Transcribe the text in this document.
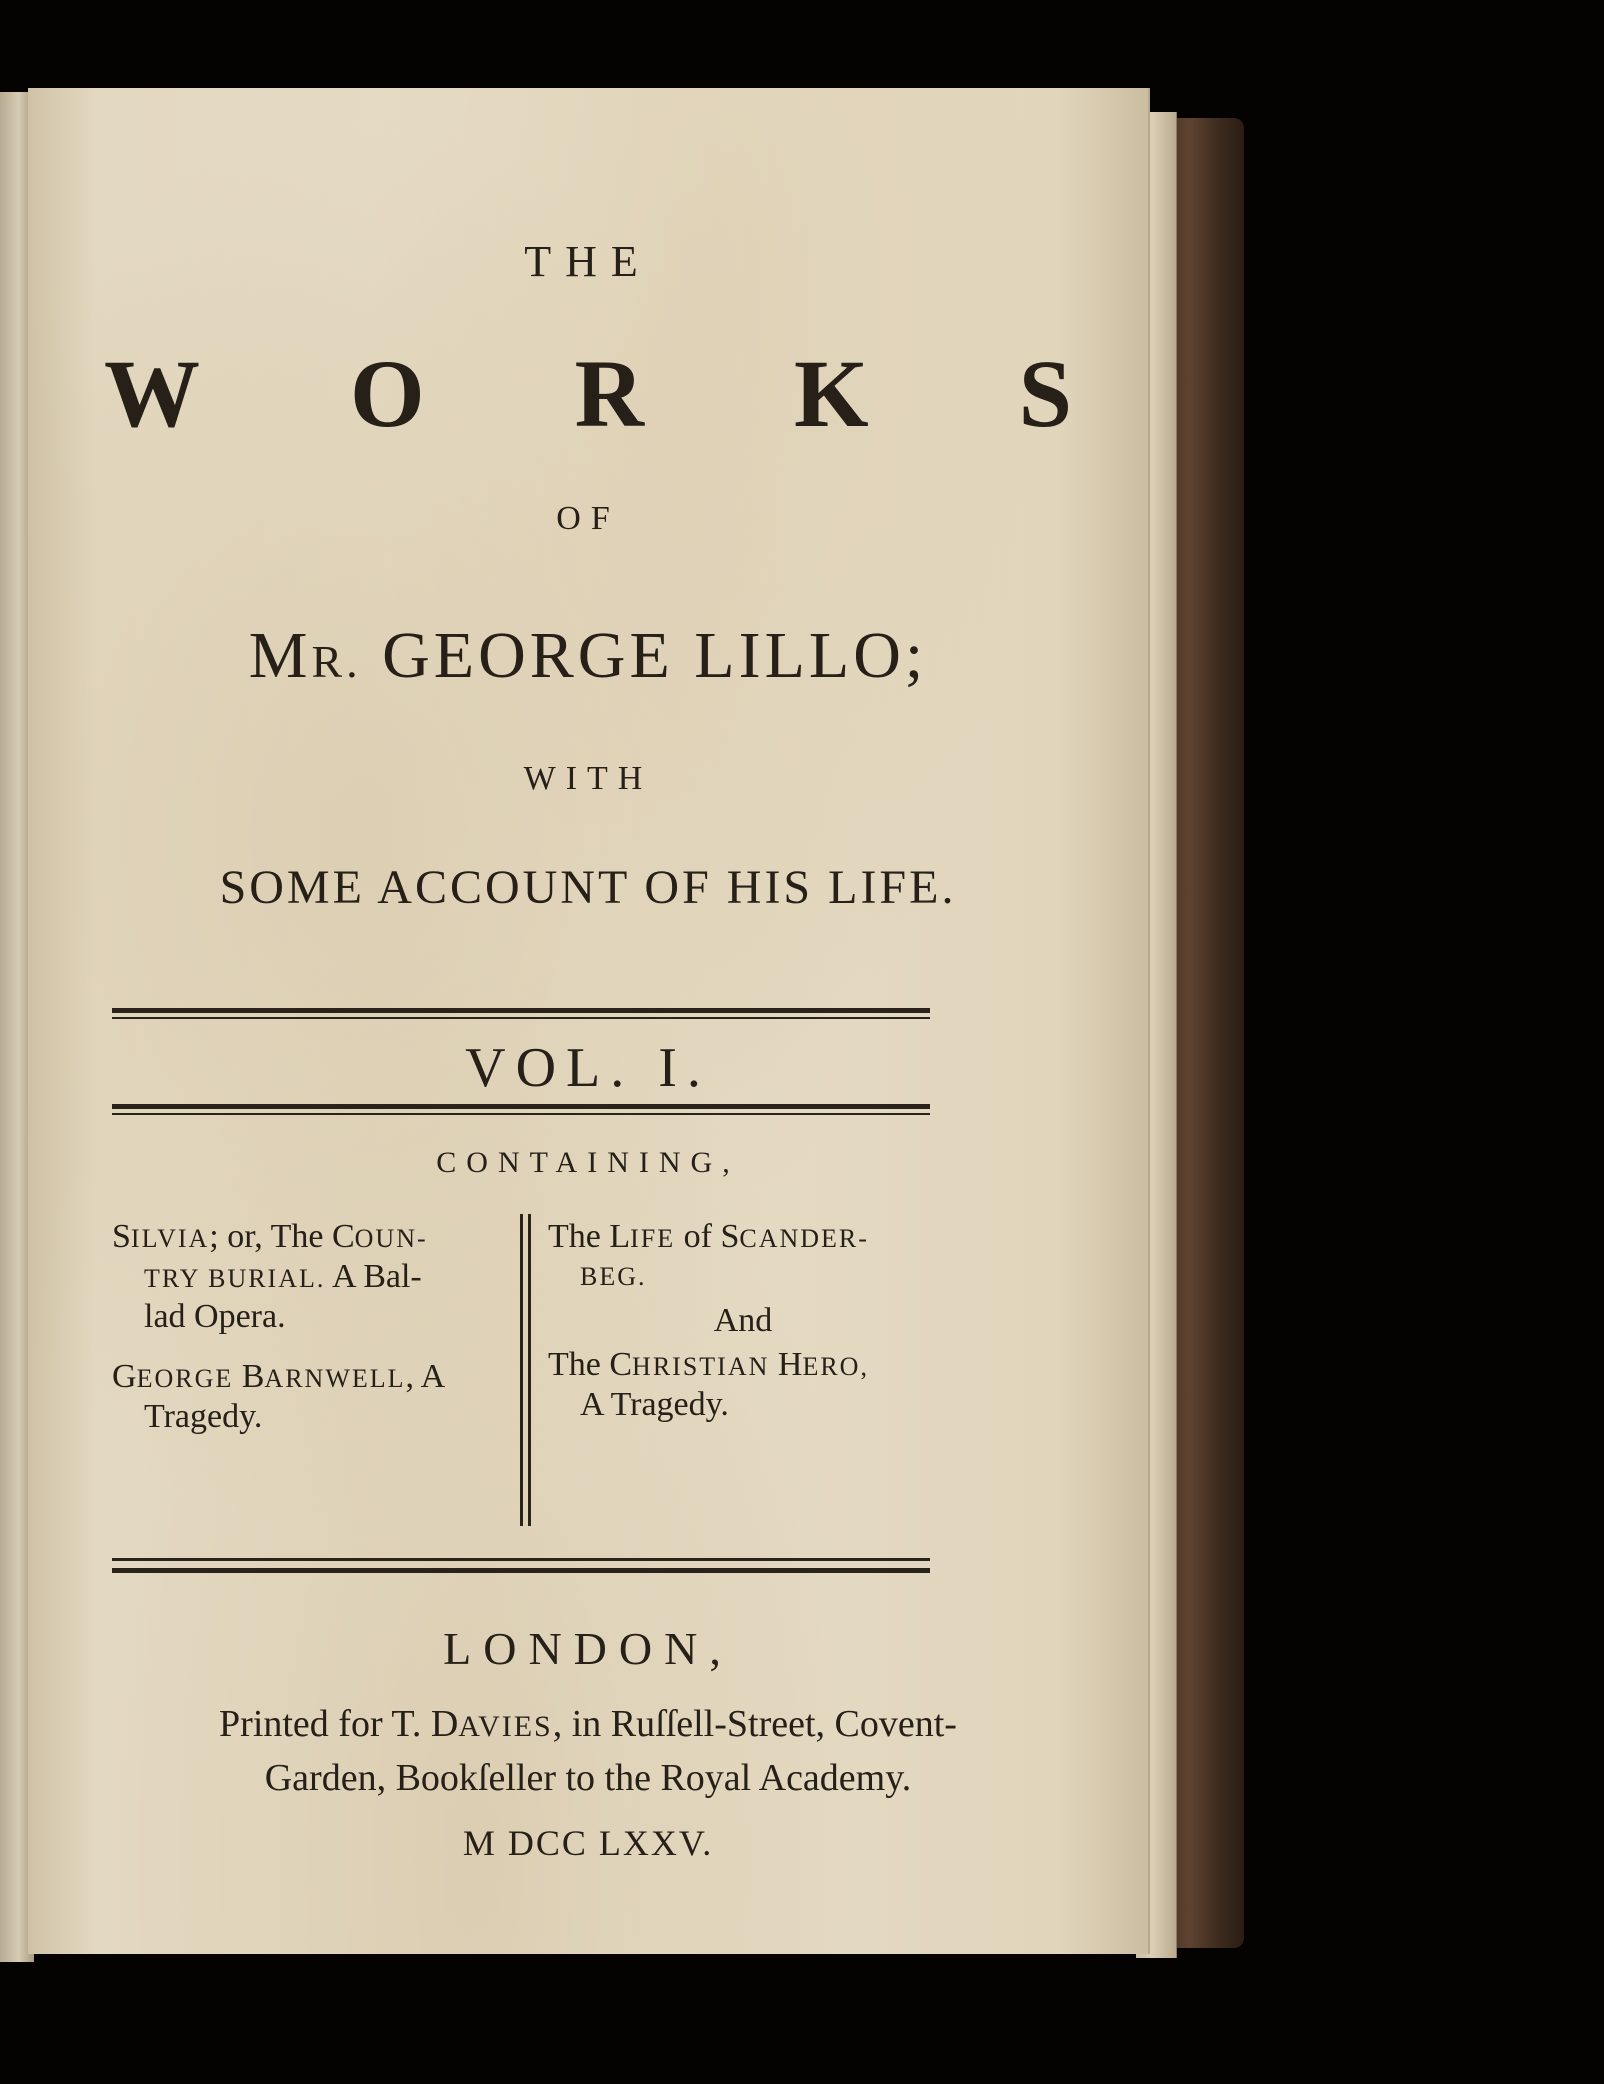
THE
W O R K S
OF
MR. GEORGE LILLO;
WITH
SOME ACCOUNT OF HIS LIFE.
VOL. I.
CONTAINING,

SILVIA; or, The COUN-
TRY BURIAL. A Bal-
lad Opera.

GEORGE BARNWELL, A
Tragedy.

The LIFE of SCANDER-
BEG.

And

The CHRISTIAN HERO,
A Tragedy.

LONDON,
Printed for T. DAVIES, in Ruſſell-Street, Covent-
Garden, Bookſeller to the Royal Academy.
M DCC LXXV.
